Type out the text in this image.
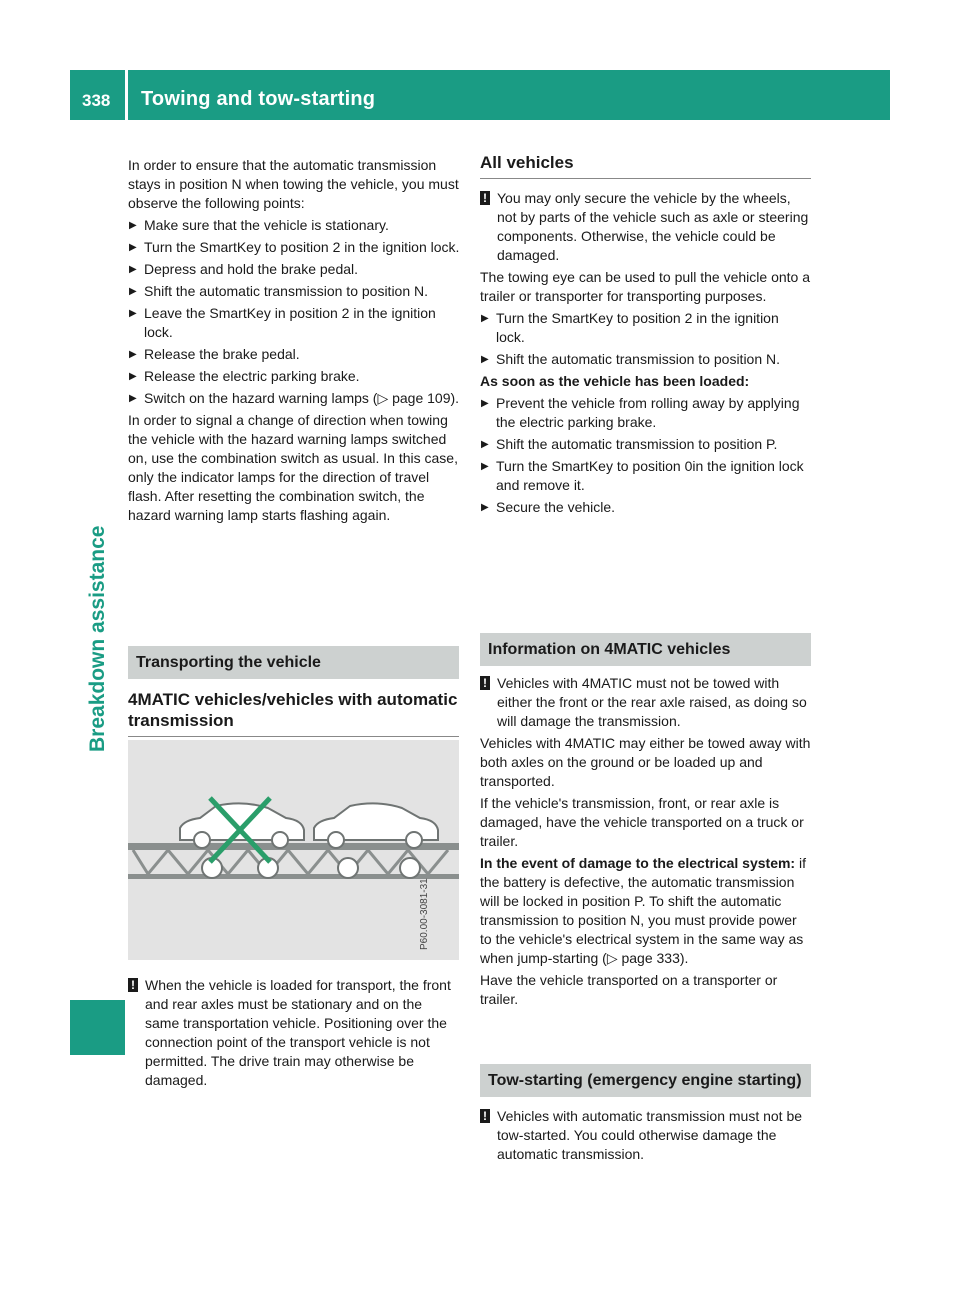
338 Towing and tow-starting
Breakdown assistance

In order to ensure that the automatic transmission stays in position N when towing the vehicle, you must observe the following points:

▶ Make sure that the vehicle is stationary.
▶ Turn the SmartKey to position 2 in the ignition lock.
▶ Depress and hold the brake pedal.
▶ Shift the automatic transmission to position N.
▶ Leave the SmartKey in position 2 in the ignition lock.
▶ Release the brake pedal.
▶ Release the electric parking brake.
▶ Switch on the hazard warning lamps (▷ page 109).

In order to signal a change of direction when towing the vehicle with the hazard warning lamps switched on, use the combination switch as usual. In this case, only the indicator lamps for the direction of travel flash. After resetting the combination switch, the hazard warning lamp starts flashing again.

Transporting the vehicle
4MATIC vehicles/vehicles with automatic transmission
! When the vehicle is loaded for transport, the front and rear axles must be stationary and on the same transportation vehicle. Positioning over the connection point of the transport vehicle is not permitted. The drive train may otherwise be damaged.
All vehicles
! You may only secure the vehicle by the wheels, not by parts of the vehicle such as axle or steering components. Otherwise, the vehicle could be damaged.

The towing eye can be used to pull the vehicle onto a trailer or transporter for transporting purposes.

▶ Turn the SmartKey to position 2 in the ignition lock.
▶ Shift the automatic transmission to position N.
As soon as the vehicle has been loaded:
▶ Prevent the vehicle from rolling away by applying the electric parking brake.
▶ Shift the automatic transmission to position P.
▶ Turn the SmartKey to position 0in the ignition lock and remove it.
▶ Secure the vehicle.
Information on 4MATIC vehicles
! Vehicles with 4MATIC must not be towed with either the front or the rear axle raised, as doing so will damage the transmission.

Vehicles with 4MATIC may either be towed away with both axles on the ground or be loaded up and transported.

If the vehicle's transmission, front, or rear axle is damaged, have the vehicle transported on a truck or trailer.

In the event of damage to the electrical system: if the battery is defective, the automatic transmission will be locked in position P. To shift the automatic transmission to position N, you must provide power to the vehicle's electrical system in the same way as when jump-starting (▷ page 333).

Have the vehicle transported on a transporter or trailer.

Tow-starting (emergency engine starting)
! Vehicles with automatic transmission must not be tow-started. You could otherwise damage the automatic transmission.
